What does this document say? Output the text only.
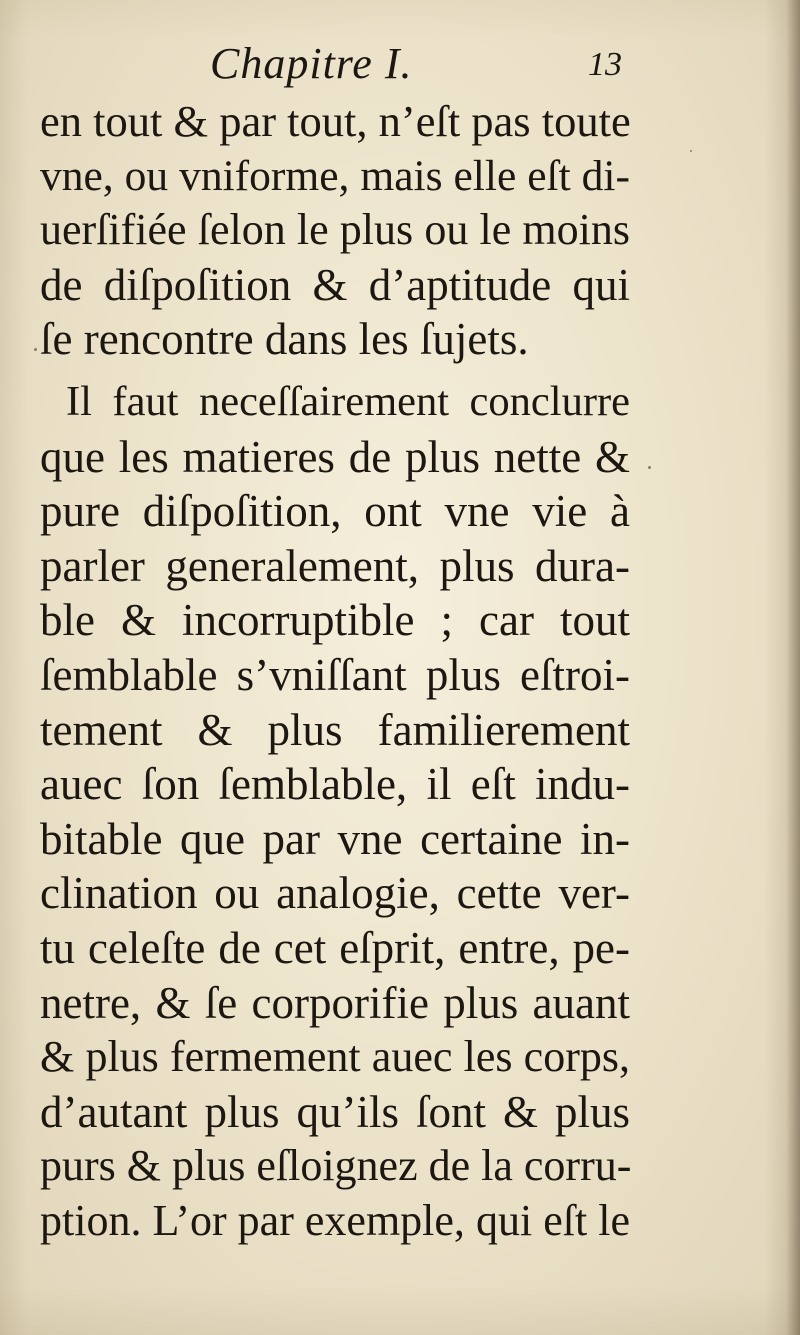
Chapitre I.	13
en tout & par tout, n’eſt pas toute
vne, ou vniforme, mais elle eſt di-
uerſifiée ſelon le plus ou le moins
de diſpoſition & d’aptitude qui
ſe rencontre dans les ſujets.
Il faut neceſſairement conclurre
que les matieres de plus nette &
pure diſpoſition, ont vne vie à
parler generalement, plus dura-
ble & incorruptible ; car tout
ſemblable s’vniſſant plus eſtroi-
tement & plus familierement
auec ſon ſemblable, il eſt indu-
bitable que par vne certaine in-
clination ou analogie, cette ver-
tu celeſte de cet eſprit, entre, pe-
netre, & ſe corporifie plus auant
& plus fermement auec les corps,
d’autant plus qu’ils ſont & plus
purs & plus eſloignez de la corru-
ption. L’or par exemple, qui eſt le
